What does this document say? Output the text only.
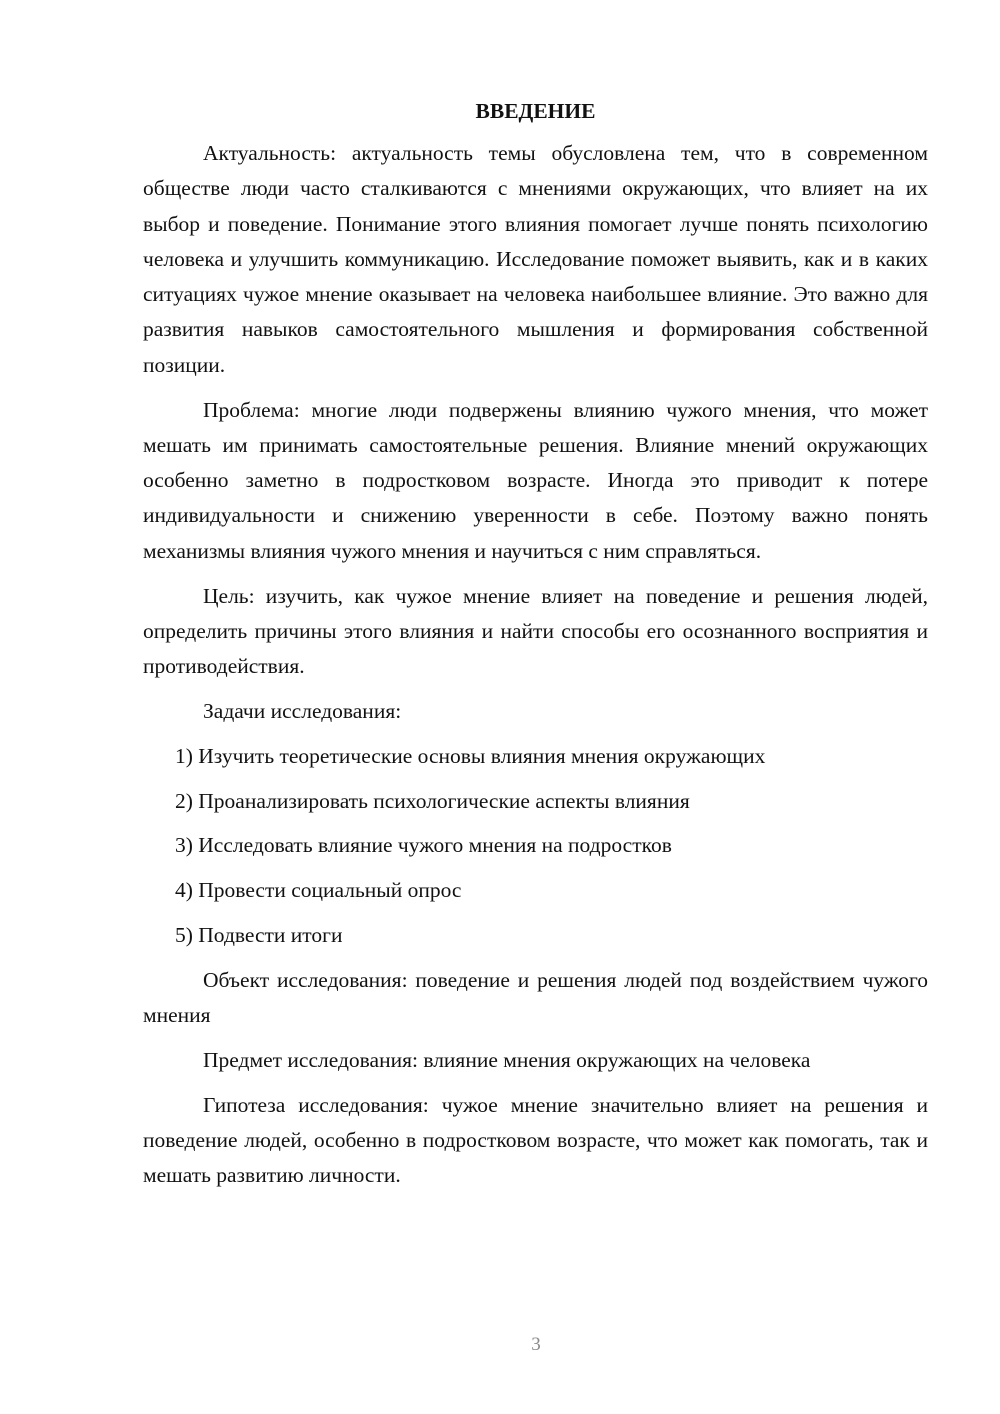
ВВЕДЕНИЕ

Актуальность: актуальность темы обусловлена тем, что в современном обществе люди часто сталкиваются с мнениями окружающих, что влияет на их выбор и поведение. Понимание этого влияния помогает лучше понять психологию человека и улучшить коммуникацию. Исследование поможет выявить, как и в каких ситуациях чужое мнение оказывает на человека наибольшее влияние. Это важно для развития навыков самостоятельного мышления и формирования собственной позиции.

Проблема: многие люди подвержены влиянию чужого мнения, что может мешать им принимать самостоятельные решения. Влияние мнений окружающих особенно заметно в подростковом возрасте. Иногда это приводит к потере индивидуальности и снижению уверенности в себе. Поэтому важно понять механизмы влияния чужого мнения и научиться с ним справляться.

Цель: изучить, как чужое мнение влияет на поведение и решения людей, определить причины этого влияния и найти способы его осознанного восприятия и противодействия.

Задачи исследования:

1) Изучить теоретические основы влияния мнения окружающих

2) Проанализировать психологические аспекты влияния

3) Исследовать влияние чужого мнения на подростков

4) Провести социальный опрос

5) Подвести итоги

Объект исследования: поведение и решения людей под воздействием чужого мнения

Предмет исследования: влияние мнения окружающих на человека

Гипотеза исследования: чужое мнение значительно влияет на решения и поведение людей, особенно в подростковом возрасте, что может как помогать, так и мешать развитию личности.

3
